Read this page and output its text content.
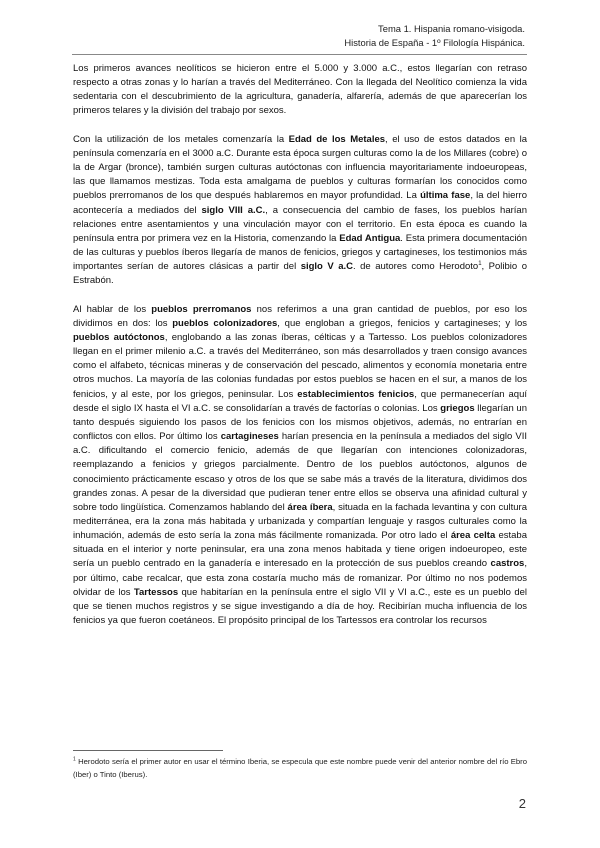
Tema 1. Hispania romano-visigoda.
Historia de España - 1º Filología Hispánica.

Los primeros avances neolíticos se hicieron entre el 5.000 y 3.000 a.C., estos llegarían con retraso respecto a otras zonas y lo harían a través del Mediterráneo. Con la llegada del Neolítico comienza la vida sedentaria con el descubrimiento de la agricultura, ganadería, alfarería, además de que aparecerían los primeros telares y la división del trabajo por sexos.

Con la utilización de los metales comenzaría la Edad de los Metales, el uso de estos datados en la península comenzaría en el 3000 a.C. Durante esta época surgen culturas como la de los Millares (cobre) o la de Argar (bronce), también surgen culturas autóctonas con influencia mayoritariamente indoeuropeas, las que llamamos mestizas. Toda esta amalgama de pueblos y culturas formarían los conocidos como pueblos prerromanos de los que después hablaremos en mayor profundidad. La última fase, la del hierro acontecería a mediados del siglo VIII a.C., a consecuencia del cambio de fases, los pueblos harían relaciones entre asentamientos y una vinculación mayor con el territorio. En esta época es cuando la península entra por primera vez en la Historia, comenzando la Edad Antigua. Esta primera documentación de las culturas y pueblos íberos llegaría de manos de fenicios, griegos y cartagineses, los testimonios más importantes serían de autores clásicas a partir del siglo V a.C. de autores como Herodoto$^1$, Polibio o Estrabón.

Al hablar de los pueblos prerromanos nos referimos a una gran cantidad de pueblos, por eso los dividimos en dos: los pueblos colonizadores, que engloban a griegos, fenicios y cartagineses; y los pueblos autóctonos, englobando a las zonas íberas, célticas y a Tartesso. Los pueblos colonizadores llegan en el primer milenio a.C. a través del Mediterráneo, son más desarrollados y traen consigo avances como el alfabeto, técnicas mineras y de conservación del pescado, alimentos y economía monetaria entre otros muchos. La mayoría de las colonias fundadas por estos pueblos se hacen en el sur, a manos de los fenicios, y al este, por los griegos, peninsular. Los establecimientos fenicios, que permanecerían aquí desde el siglo IX hasta el VI a.C. se consolidarían a través de factorías o colonias. Los griegos llegarían un tanto después siguiendo los pasos de los fenicios con los mismos objetivos, además, no entrarían en conflictos con ellos. Por último los cartagineses harían presencia en la península a mediados del siglo VII a.C. dificultando el comercio fenicio, además de que llegarían con intenciones colonizadoras, reemplazando a fenicios y griegos parcialmente. Dentro de los pueblos autóctonos, algunos de conocimiento prácticamente escaso y otros de los que se sabe más a través de la literatura, dividimos dos grandes zonas. A pesar de la diversidad que pudieran tener entre ellos se observa una afinidad cultural y sobre todo lingüística. Comenzamos hablando del área íbera, situada en la fachada levantina y con cultura mediterránea, era la zona más habitada y urbanizada y compartían lenguaje y rasgos culturales como la inhumación, además de esto sería la zona más fácilmente romanizada. Por otro lado el área celta estaba situada en el interior y norte peninsular, era una zona menos habitada y tiene origen indoeuropeo, este sería un pueblo centrado en la ganadería e interesado en la protección de sus pueblos creando castros, por último, cabe recalcar, que esta zona costaría mucho más de romanizar. Por último no nos podemos olvidar de los Tartessos que habitarían en la península entre el siglo VII y VI a.C., este es un pueblo del que se tienen muchos registros y se sigue investigando a día de hoy. Recibirían mucha influencia de los fenicios ya que fueron coetáneos. El propósito principal de los Tartessos era controlar los recursos

$^1$ Herodoto sería el primer autor en usar el término Iberia, se especula que este nombre puede venir del anterior nombre del río Ebro (Iber) o Tinto (Iberus).
2
